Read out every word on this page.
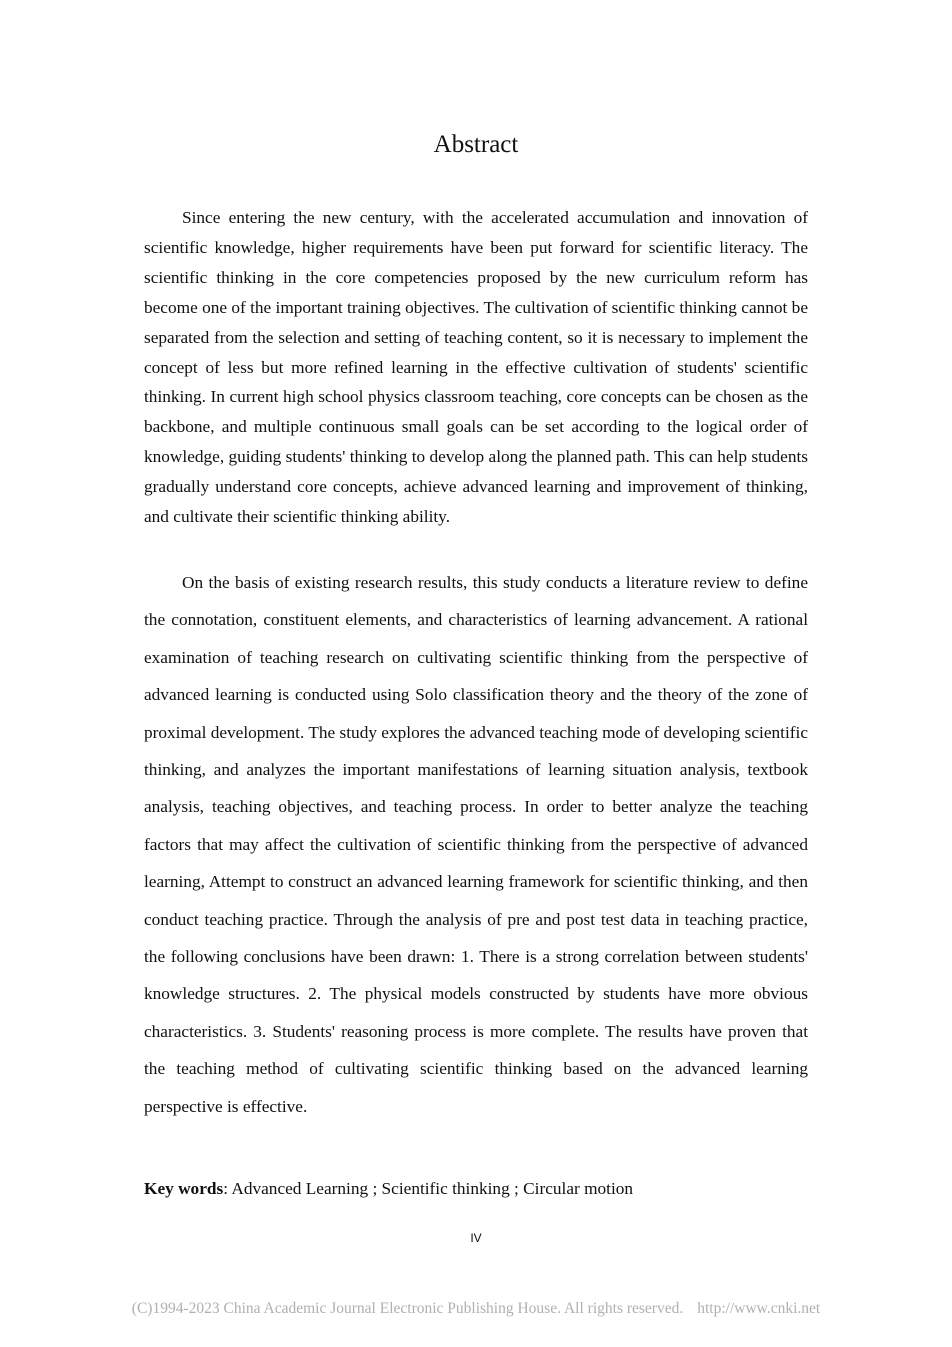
Abstract

Since entering the new century, with the accelerated accumulation and innovation of scientific knowledge, higher requirements have been put forward for scientific literacy. The scientific thinking in the core competencies proposed by the new curriculum reform has become one of the important training objectives. The cultivation of scientific thinking cannot be separated from the selection and setting of teaching content, so it is necessary to implement the concept of less but more refined learning in the effective cultivation of students' scientific thinking. In current high school physics classroom teaching, core concepts can be chosen as the backbone, and multiple continuous small goals can be set according to the logical order of knowledge, guiding students' thinking to develop along the planned path. This can help students gradually understand core concepts, achieve advanced learning and improvement of thinking, and cultivate their scientific thinking ability.

On the basis of existing research results, this study conducts a literature review to define the connotation, constituent elements, and characteristics of learning advancement. A rational examination of teaching research on cultivating scientific thinking from the perspective of advanced learning is conducted using Solo classification theory and the theory of the zone of proximal development. The study explores the advanced teaching mode of developing scientific thinking, and analyzes the important manifestations of learning situation analysis, textbook analysis, teaching objectives, and teaching process. In order to better analyze the teaching factors that may affect the cultivation of scientific thinking from the perspective of advanced learning, Attempt to construct an advanced learning framework for scientific thinking, and then conduct teaching practice. Through the analysis of pre and post test data in teaching practice, the following conclusions have been drawn: 1. There is a strong correlation between students' knowledge structures. 2. The physical models constructed by students have more obvious characteristics. 3. Students' reasoning process is more complete. The results have proven that the teaching method of cultivating scientific thinking based on the advanced learning perspective is effective.

Key words: Advanced Learning ; Scientific thinking ; Circular motion
IV
(C)1994-2023 China Academic Journal Electronic Publishing House. All rights reserved. http://www.cnki.net
